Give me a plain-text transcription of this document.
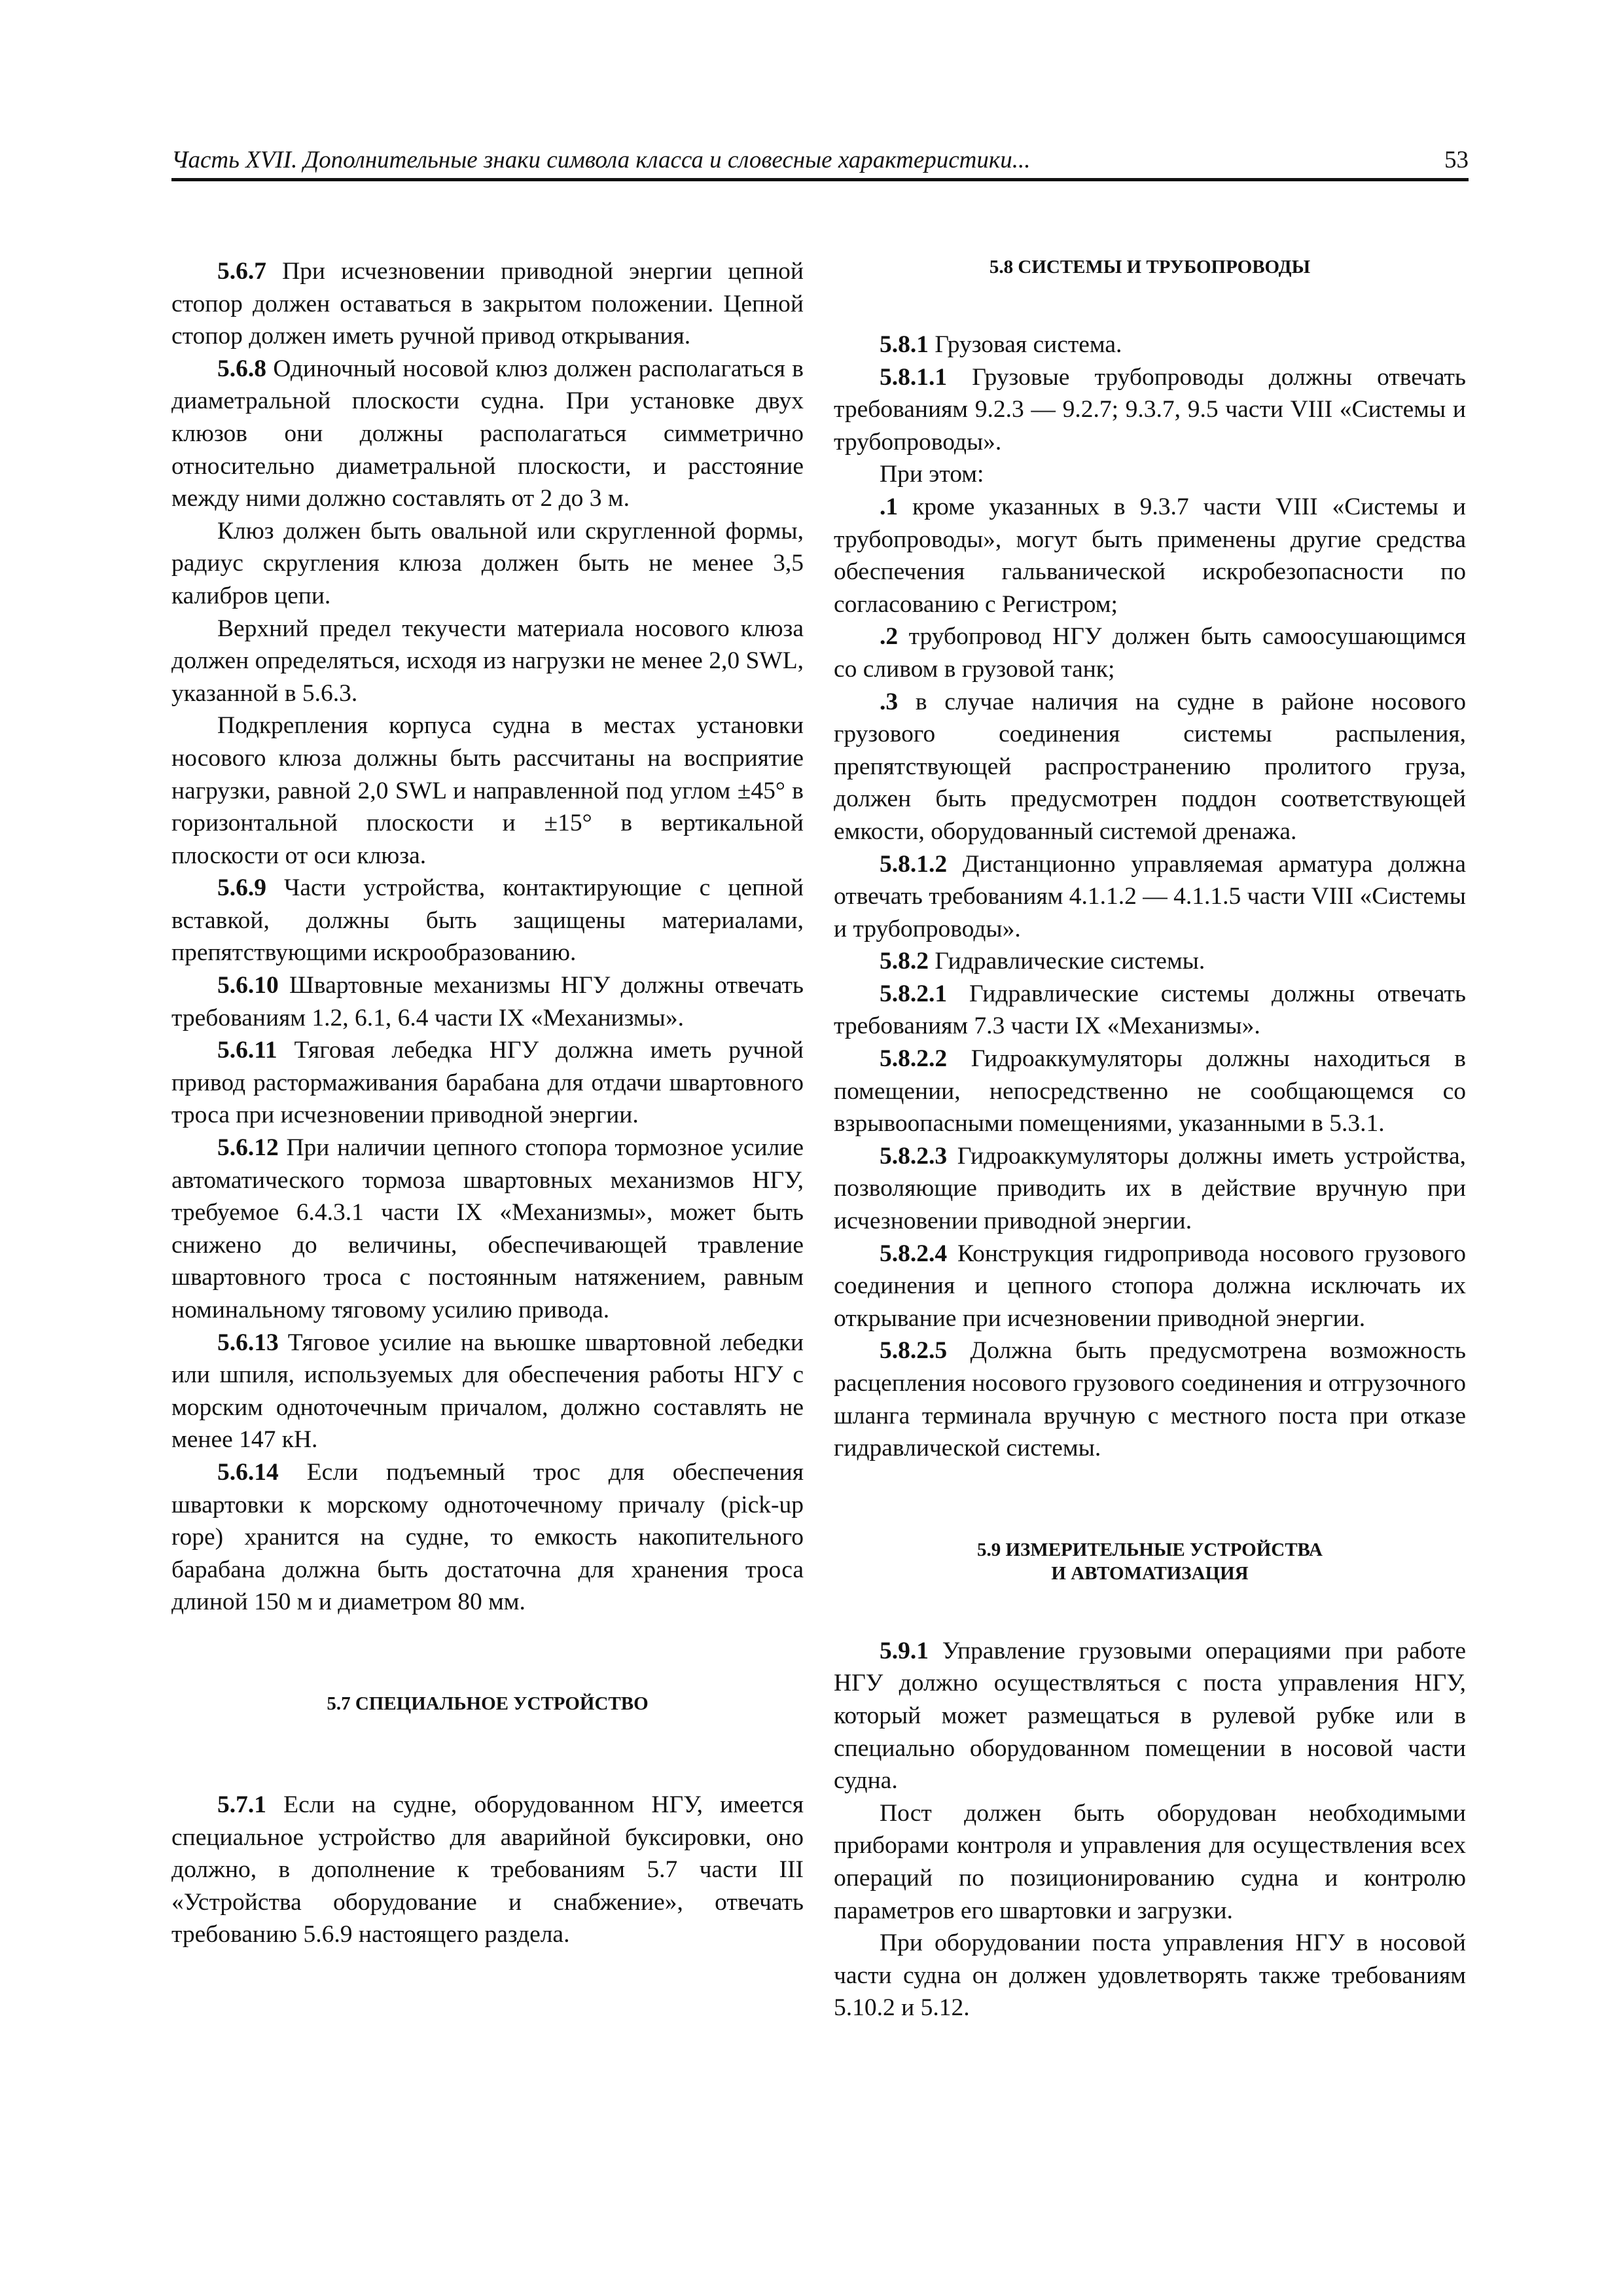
Часть XVII. Дополнительные знаки символа класса и словесные характеристики...	53

5.6.7 При исчезновении приводной энергии цепной стопор должен оставаться в закрытом положении. Цепной стопор должен иметь ручной привод открывания.

5.6.8 Одиночный носовой клюз должен располагаться в диаметральной плоскости судна. При установке двух клюзов они должны располагаться симметрично относительно диаметральной плоскости, и расстояние между ними должно составлять от 2 до 3 м.

Клюз должен быть овальной или скругленной формы, радиус скругления клюза должен быть не менее 3,5 калибров цепи.

Верхний предел текучести материала носового клюза должен определяться, исходя из нагрузки не менее 2,0 SWL, указанной в 5.6.3.

Подкрепления корпуса судна в местах установки носового клюза должны быть рассчитаны на восприятие нагрузки, равной 2,0 SWL и направленной под углом ±45° в горизонтальной плоскости и ±15° в вертикальной плоскости от оси клюза.

5.6.9 Части устройства, контактирующие с цепной вставкой, должны быть защищены материалами, препятствующими искрообразованию.

5.6.10 Швартовные механизмы НГУ должны отвечать требованиям 1.2, 6.1, 6.4 части IX «Механизмы».

5.6.11 Тяговая лебедка НГУ должна иметь ручной привод растормаживания барабана для отдачи швартовного троса при исчезновении приводной энергии.

5.6.12 При наличии цепного стопора тормозное усилие автоматического тормоза швартовных механизмов НГУ, требуемое 6.4.3.1 части IX «Механизмы», может быть снижено до величины, обеспечивающей травление швартовного троса с постоянным натяжением, равным номинальному тяговому усилию привода.

5.6.13 Тяговое усилие на вьюшке швартовной лебедки или шпиля, используемых для обеспечения работы НГУ с морским одноточечным причалом, должно составлять не менее 147 кН.

5.6.14 Если подъемный трос для обеспечения швартовки к морскому одноточечному причалу (pick-up rope) хранится на судне, то емкость накопительного барабана должна быть достаточна для хранения троса длиной 150 м и диаметром 80 мм.

5.7 СПЕЦИАЛЬНОЕ УСТРОЙСТВО

5.7.1 Если на судне, оборудованном НГУ, имеется специальное устройство для аварийной буксировки, оно должно, в дополнение к требованиям 5.7 части III «Устройства оборудование и снабжение», отвечать требованию 5.6.9 настоящего раздела.

5.8 СИСТЕМЫ И ТРУБОПРОВОДЫ

5.8.1 Грузовая система.

5.8.1.1 Грузовые трубопроводы должны отвечать требованиям 9.2.3 — 9.2.7; 9.3.7, 9.5 части VIII «Системы и трубопроводы».

При этом:

.1 кроме указанных в 9.3.7 части VIII «Системы и трубопроводы», могут быть применены другие средства обеспечения гальванической искробезопасности по согласованию с Регистром;

.2 трубопровод НГУ должен быть самоосушающимся со сливом в грузовой танк;

.3 в случае наличия на судне в районе носового грузового соединения системы распыления, препятствующей распространению пролитого груза, должен быть предусмотрен поддон соответствующей емкости, оборудованный системой дренажа.

5.8.1.2 Дистанционно управляемая арматура должна отвечать требованиям 4.1.1.2 — 4.1.1.5 части VIII «Системы и трубопроводы».

5.8.2 Гидравлические системы.

5.8.2.1 Гидравлические системы должны отвечать требованиям 7.3 части IX «Механизмы».

5.8.2.2 Гидроаккумуляторы должны находиться в помещении, непосредственно не сообщающемся со взрывоопасными помещениями, указанными в 5.3.1.

5.8.2.3 Гидроаккумуляторы должны иметь устройства, позволяющие приводить их в действие вручную при исчезновении приводной энергии.

5.8.2.4 Конструкция гидропривода носового грузового соединения и цепного стопора должна исключать их открывание при исчезновении приводной энергии.

5.8.2.5 Должна быть предусмотрена возможность расцепления носового грузового соединения и отгрузочного шланга терминала вручную с местного поста при отказе гидравлической системы.

5.9 ИЗМЕРИТЕЛЬНЫЕ УСТРОЙСТВА
И АВТОМАТИЗАЦИЯ

5.9.1 Управление грузовыми операциями при работе НГУ должно осуществляться с поста управления НГУ, который может размещаться в рулевой рубке или в специально оборудованном помещении в носовой части судна.

Пост должен быть оборудован необходимыми приборами контроля и управления для осуществления всех операций по позиционированию судна и контролю параметров его швартовки и загрузки.

При оборудовании поста управления НГУ в носовой части судна он должен удовлетворять также требованиям 5.10.2 и 5.12.
